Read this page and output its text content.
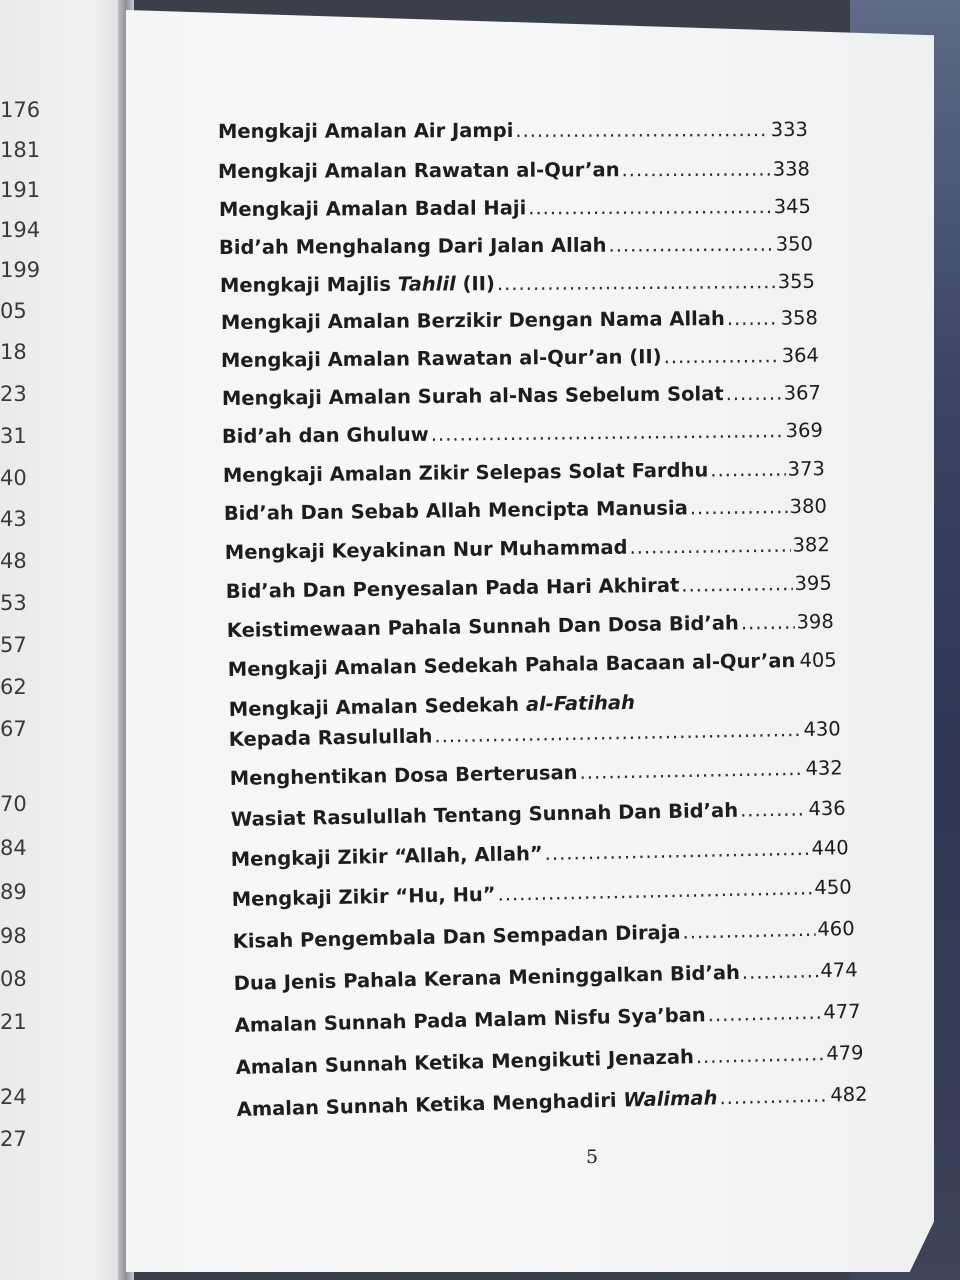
176
181
191
194
199
05
18
23
31
40
43
48
53
57
62
67
70
84
89
98
08
21
24
27
Mengkaji Amalan Air Jampi .....	333
Mengkaji Amalan Rawatan al-Qur’an .....	338
Mengkaji Amalan Badal Haji .....	345
Bid’ah Menghalang Dari Jalan Allah .....	350
Mengkaji Majlis Tahlil (II) .....	355
Mengkaji Amalan Berzikir Dengan Nama Allah .....	358
Mengkaji Amalan Rawatan al-Qur’an (II) .....	364
Mengkaji Amalan Surah al-Nas Sebelum Solat .....	367
Bid’ah dan Ghuluw .....	369
Mengkaji Amalan Zikir Selepas Solat Fardhu .....	373
Bid’ah Dan Sebab Allah Mencipta Manusia .....	380
Mengkaji Keyakinan Nur Muhammad .....	382
Bid’ah Dan Penyesalan Pada Hari Akhirat .....	395
Keistimewaan Pahala Sunnah Dan Dosa Bid’ah .....	398
Mengkaji Amalan Sedekah Pahala Bacaan al-Qur’an ..... 405
Mengkaji Amalan Sedekah al-Fatihah
Kepada Rasulullah .....	430
Menghentikan Dosa Berterusan .....	432
Wasiat Rasulullah Tentang Sunnah Dan Bid’ah .....	436
Mengkaji Zikir “Allah, Allah” .....	440
Mengkaji Zikir “Hu, Hu” .....	450
Kisah Pengembala Dan Sempadan Diraja .....	460
Dua Jenis Pahala Kerana Meninggalkan Bid’ah .....	474
Amalan Sunnah Pada Malam Nisfu Sya’ban .....	477
Amalan Sunnah Ketika Mengikuti Jenazah .....	479
Amalan Sunnah Ketika Menghadiri Walimah .....	482
5
